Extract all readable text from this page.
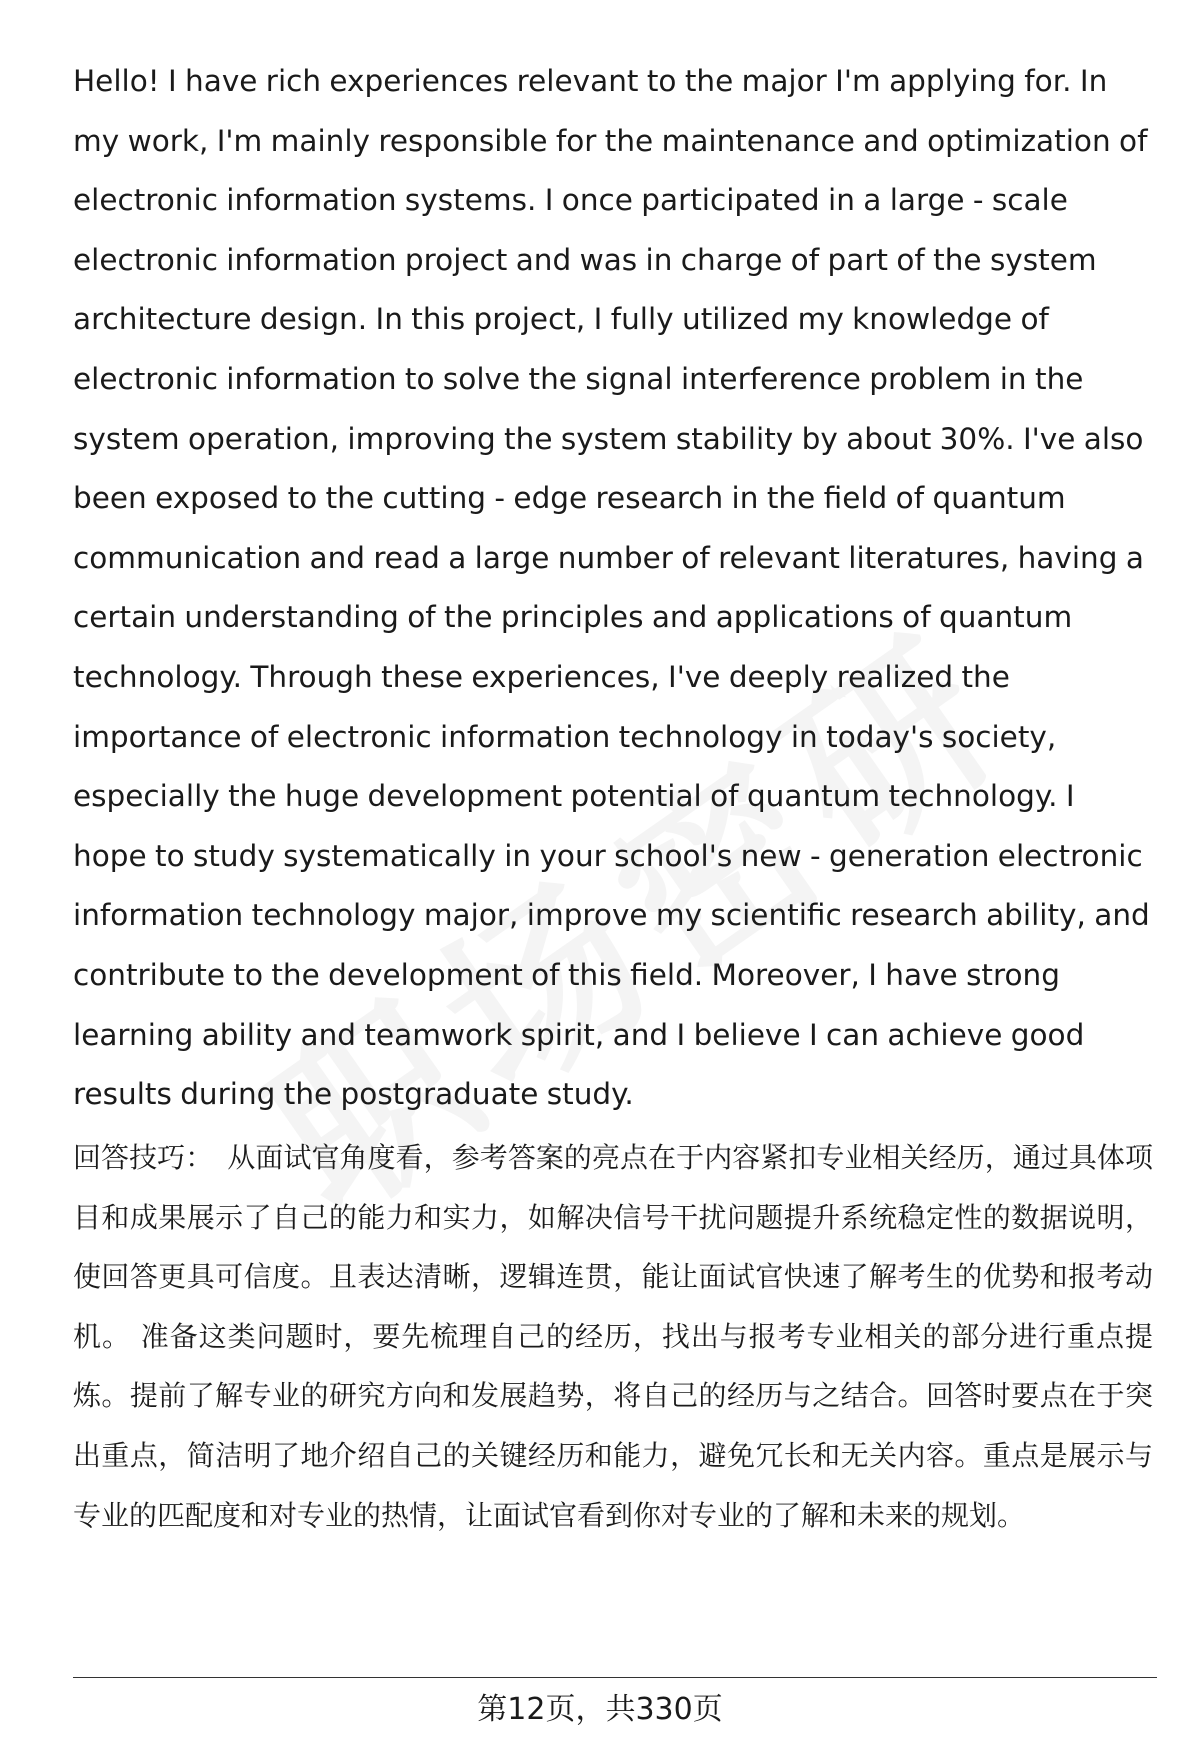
Hello! I have rich experiences relevant to the major I'm applying for. In my work, I'm mainly responsible for the maintenance and optimization of electronic information systems. I once participated in a large - scale electronic information project and was in charge of part of the system architecture design. In this project, I fully utilized my knowledge of electronic information to solve the signal interference problem in the system operation, improving the system stability by about 30%. I've also been exposed to the cutting - edge research in the field of quantum communication and read a large number of relevant literatures, having a certain understanding of the principles and applications of quantum technology. Through these experiences, I've deeply realized the importance of electronic information technology in today's society, especially the huge development potential of quantum technology. I hope to study systematically in your school's new - generation electronic information technology major, improve my scientific research ability, and contribute to the development of this field. Moreover, I have strong learning ability and teamwork spirit, and I believe I can achieve good results during the postgraduate study.

回答技巧： 从面试官角度看，参考答案的亮点在于内容紧扣专业相关经历，通过具体项目和成果展示了自己的能力和实力，如解决信号干扰问题提升系统稳定性的数据说明，使回答更具可信度。且表达清晰，逻辑连贯，能让面试官快速了解考生的优势和报考动机。 准备这类问题时，要先梳理自己的经历，找出与报考专业相关的部分进行重点提炼。提前了解专业的研究方向和发展趋势，将自己的经历与之结合。回答时要点在于突出重点，简洁明了地介绍自己的关键经历和能力，避免冗长和无关内容。重点是展示与专业的匹配度和对专业的热情，让面试官看到你对专业的了解和未来的规划。

第12页，共330页
